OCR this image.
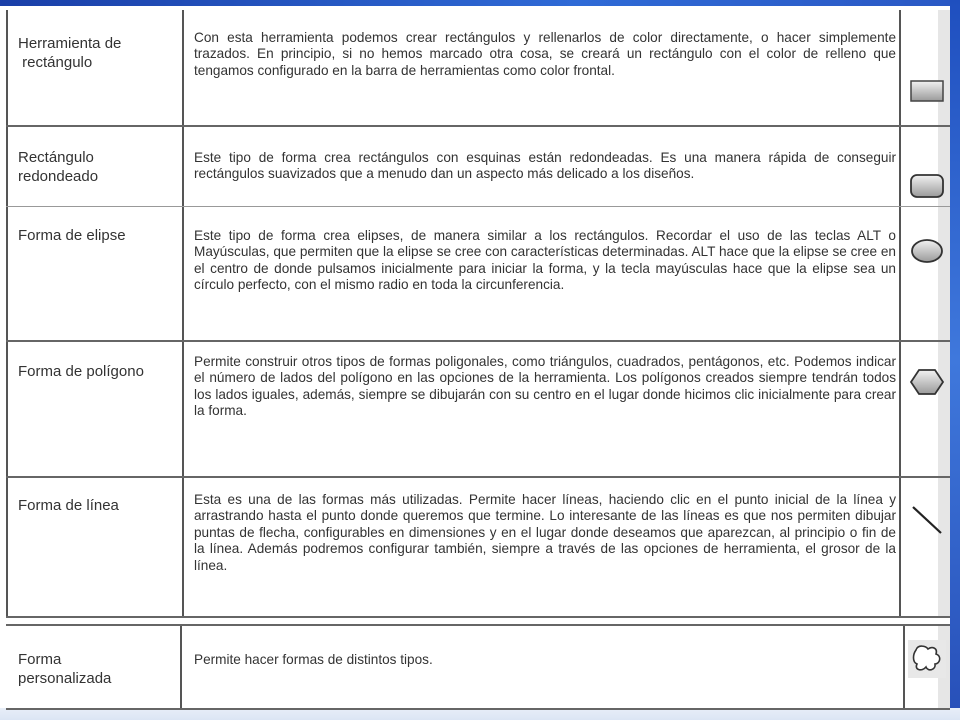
Herramienta de
rectángulo
Con esta herramienta podemos crear rectángulos y rellenarlos de color directamente, o hacer simplemente trazados. En principio, si no hemos marcado otra cosa, se creará un rectángulo con el color de relleno que tengamos configurado en la barra de herramientas como color frontal.
Rectángulo
redondeado
Este tipo de forma crea rectángulos con esquinas están redondeadas. Es una manera rápida de conseguir rectángulos suavizados que a menudo dan un aspecto más delicado a los diseños.
Forma de elipse	Este tipo de forma crea elipses, de manera similar a los rectángulos. Recordar el uso de las teclas ALT o Mayúsculas, que permiten que la elipse se cree con características determinadas. ALT hace que la elipse se cree en el centro de donde pulsamos inicialmente para iniciar la forma, y la tecla mayúsculas hace que la elipse sea un círculo perfecto, con el mismo radio en toda la circunferencia.
Forma de polígono
Permite construir otros tipos de formas poligonales, como triángulos, cuadrados, pentágonos, etc. Podemos indicar el número de lados del polígono en las opciones de la herramienta. Los polígonos creados siempre tendrán todos los lados iguales, además, siempre se dibujarán con su centro en el lugar donde hicimos clic inicialmente para crear la forma.
Forma de línea	Esta es una de las formas más utilizadas. Permite hacer líneas, haciendo clic en el punto inicial de la línea y arrastrando hasta el punto donde queremos que termine. Lo interesante de las líneas es que nos permiten dibujar puntas de flecha, configurables en dimensiones y en el lugar donde deseamos que aparezcan, al principio o fin de la línea. Además podremos configurar también, siempre a través de las opciones de herramienta, el grosor de la línea.
Forma
personalizada
Permite hacer formas de distintos tipos.
